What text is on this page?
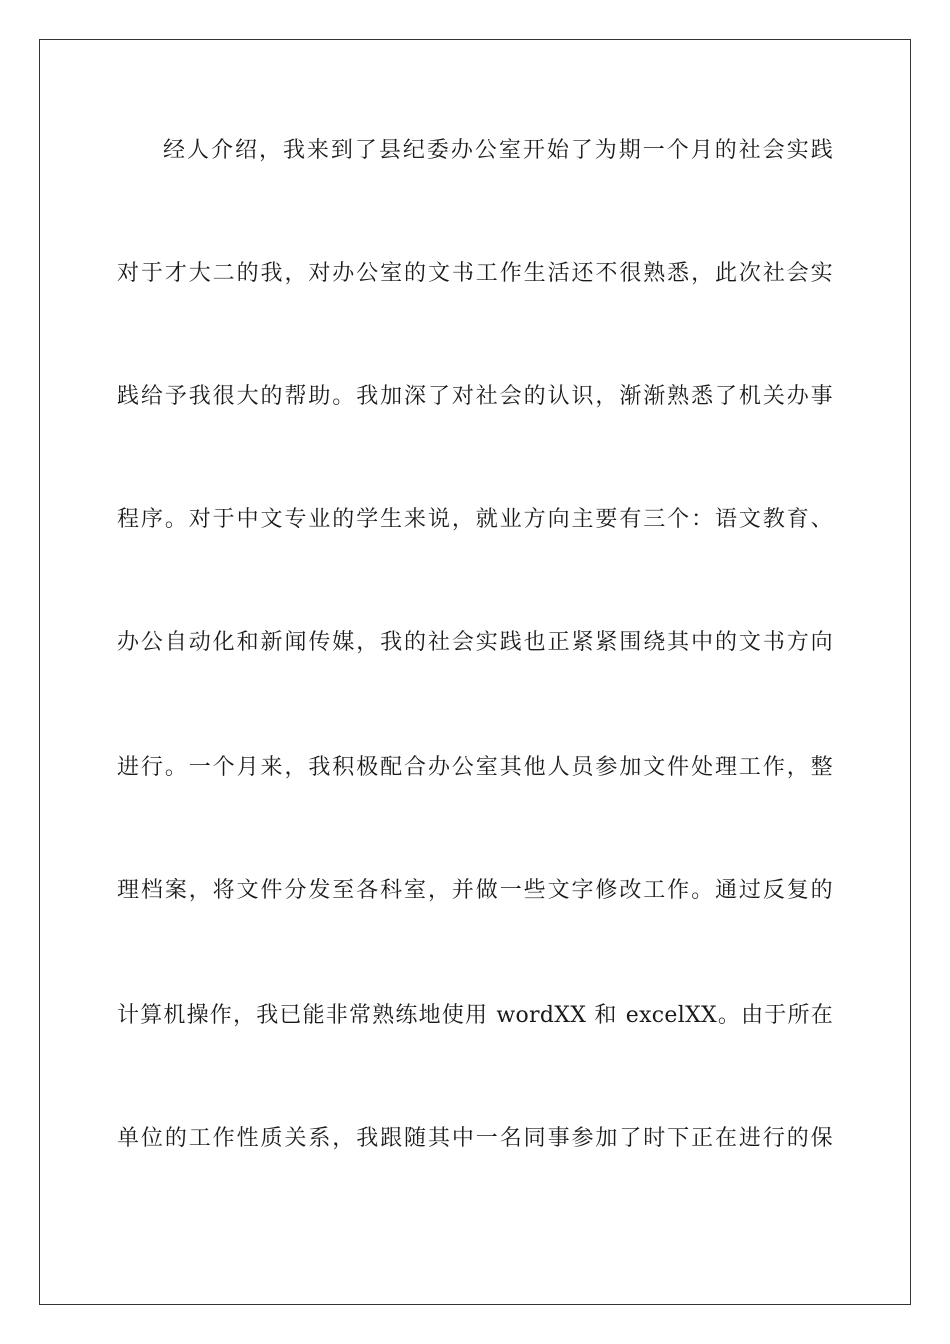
经人介绍，我来到了县纪委办公室开始了为期一个月的社会实践
对于才大二的我，对办公室的文书工作生活还不很熟悉，此次社会实
践给予我很大的帮助。我加深了对社会的认识，渐渐熟悉了机关办事
程序。对于中文专业的学生来说，就业方向主要有三个：语文教育、
办公自动化和新闻传媒，我的社会实践也正紧紧围绕其中的文书方向
进行。一个月来，我积极配合办公室其他人员参加文件处理工作，整
理档案，将文件分发至各科室，并做一些文字修改工作。通过反复的
计算机操作，我已能非常熟练地使用 wordXX 和 excelXX。由于所在
单位的工作性质关系，我跟随其中一名同事参加了时下正在进行的保
